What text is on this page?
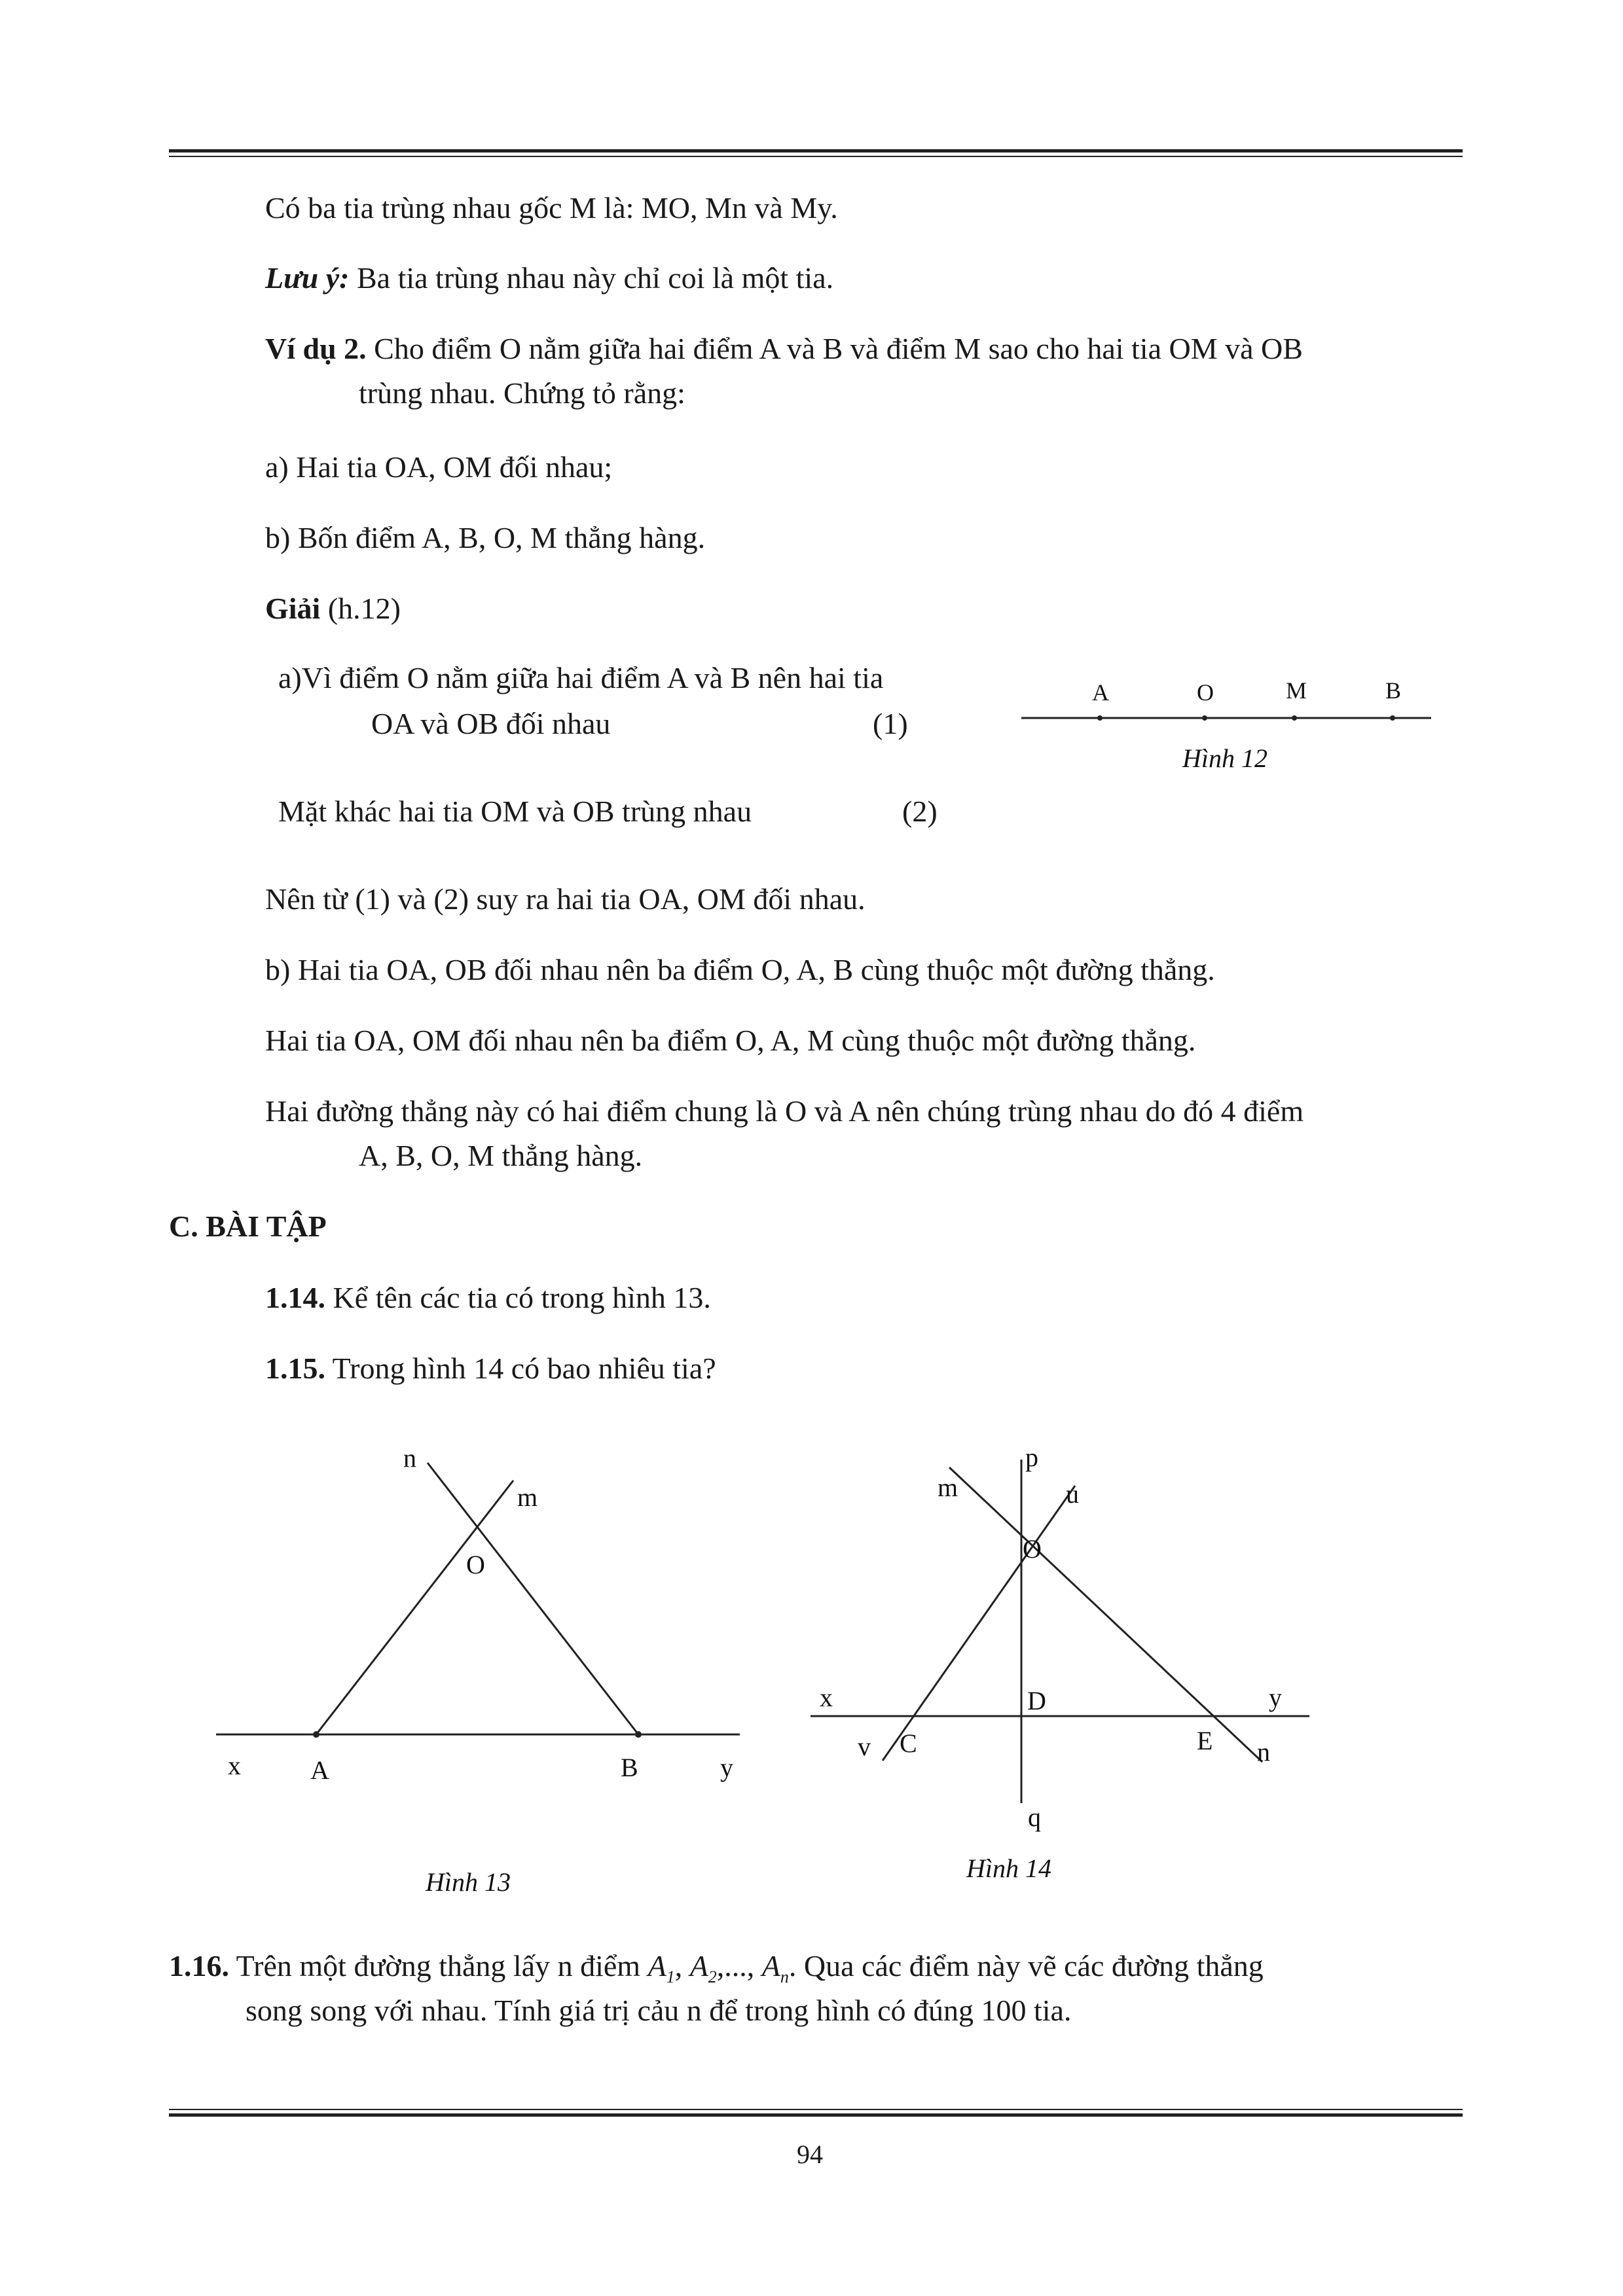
Có ba tia trùng nhau gốc M là: MO, Mn và My.
Lưu ý: Ba tia trùng nhau này chỉ coi là một tia.
Ví dụ 2. Cho điểm O nằm giữa hai điểm A và B và điểm M sao cho hai tia OM và OB
trùng nhau. Chứng tỏ rằng:
a) Hai tia OA, OM đối nhau;
b) Bốn điểm A, B, O, M thẳng hàng.
Giải (h.12)
a)Vì điểm O nằm giữa hai điểm A và B nên hai tia
OA và OB đối nhau	(1)
Mặt khác hai tia OM và OB trùng nhau	(2)
A	O	M	B
Hình 12
Nên từ (1) và (2) suy ra hai tia OA, OM đối nhau.
b) Hai tia OA, OB đối nhau nên ba điểm O, A, B cùng thuộc một đường thẳng.
Hai tia OA, OM đối nhau nên ba điểm O, A, M cùng thuộc một đường thẳng.
Hai đường thẳng này có hai điểm chung là O và A nên chúng trùng nhau do đó 4 điểm
A, B, O, M thẳng hàng.
C. BÀI TẬP
1.14. Kể tên các tia có trong hình 13.
1.15. Trong hình 14 có bao nhiêu tia?
n
m
O
x	A	B	y
Hình 13
p
m	u
O
x	D	y
v C	E n
q
Hình 14
1.16. Trên một đường thẳng lấy n điểm $A_1$, $A_2$,..., $A_n$. Qua các điểm này vẽ các đường thẳng
song song với nhau. Tính giá trị cảu n để trong hình có đúng 100 tia.
94
